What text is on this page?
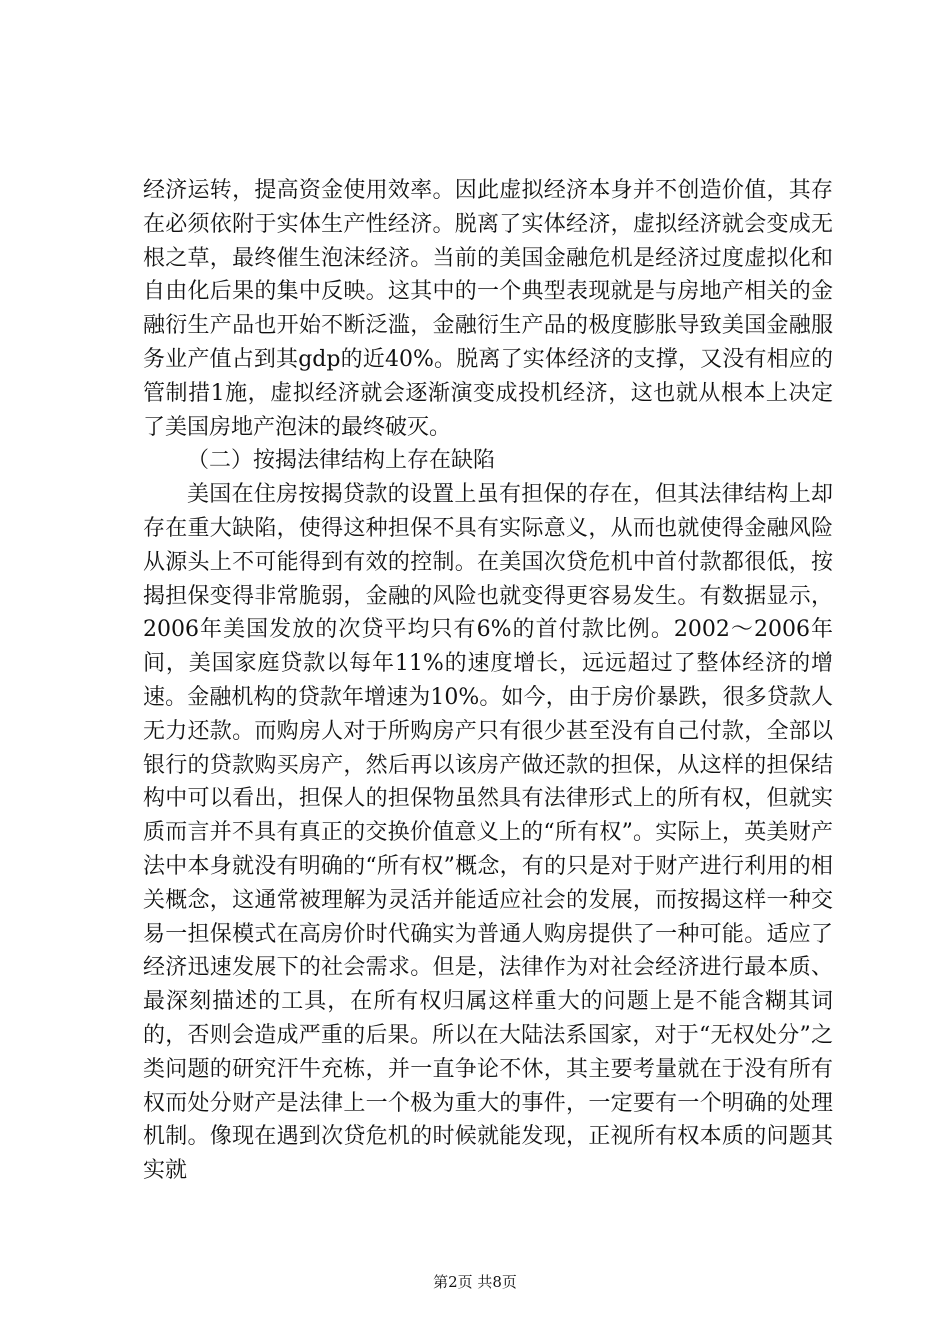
经济运转，提高资金使用效率。因此虚拟经济本身并不创造价值，其存在必须依附于实体生产性经济。脱离了实体经济，虚拟经济就会变成无根之草，最终催生泡沫经济。当前的美国金融危机是经济过度虚拟化和自由化后果的集中反映。这其中的一个典型表现就是与房地产相关的金融衍生产品也开始不断泛滥，金融衍生产品的极度膨胀导致美国金融服务业产值占到其gdp的近40%。脱离了实体经济的支撑，又没有相应的管制措1施，虚拟经济就会逐渐演变成投机经济，这也就从根本上决定了美国房地产泡沫的最终破灭。

（二）按揭法律结构上存在缺陷

美国在住房按揭贷款的设置上虽有担保的存在，但其法律结构上却存在重大缺陷，使得这种担保不具有实际意义，从而也就使得金融风险从源头上不可能得到有效的控制。在美国次贷危机中首付款都很低，按揭担保变得非常脆弱，金融的风险也就变得更容易发生。有数据显示，2006年美国发放的次贷平均只有6%的首付款比例。2002～2006年间，美国家庭贷款以每年11%的速度增长，远远超过了整体经济的增速。金融机构的贷款年增速为10%。如今，由于房价暴跌，很多贷款人无力还款。而购房人对于所购房产只有很少甚至没有自己付款，全部以银行的贷款购买房产，然后再以该房产做还款的担保，从这样的担保结构中可以看出，担保人的担保物虽然具有法律形式上的所有权，但就实质而言并不具有真正的交换价值意义上的“所有权”。实际上，英美财产法中本身就没有明确的“所有权”概念，有的只是对于财产进行利用的相关概念，这通常被理解为灵活并能适应社会的发展，而按揭这样一种交易一担保模式在高房价时代确实为普通人购房提供了一种可能。适应了经济迅速发展下的社会需求。但是，法律作为对社会经济进行最本质、最深刻描述的工具，在所有权归属这样重大的问题上是不能含糊其词的，否则会造成严重的后果。所以在大陆法系国家，对于“无权处分”之类问题的研究汗牛充栋，并一直争论不休，其主要考量就在于没有所有权而处分财产是法律上一个极为重大的事件，一定要有一个明确的处理机制。像现在遇到次贷危机的时候就能发现，正视所有权本质的问题其实就

第2页 共8页
